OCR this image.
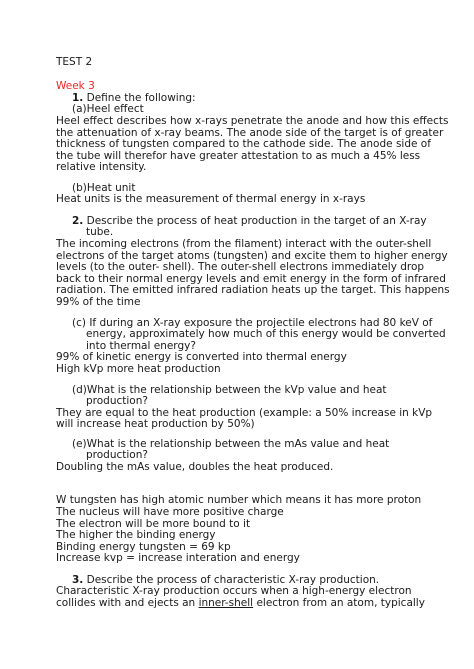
TEST 2
Week 3
1. Define the following:
(a)Heel effect
Heel effect describes how x-rays penetrate the anode and how this effects
the attenuation of x-ray beams. The anode side of the target is of greater
thickness of tungsten compared to the cathode side. The anode side of
the tube will therefor have greater attestation to as much a 45% less
relative intensity.
(b)Heat unit
Heat units is the measurement of thermal energy in x-rays
2. Describe the process of heat production in the target of an X-ray
tube.
The incoming electrons (from the filament) interact with the outer-shell
electrons of the target atoms (tungsten) and excite them to higher energy
levels (to the outer- shell). The outer-shell electrons immediately drop
back to their normal energy levels and emit energy in the form of infrared
radiation. The emitted infrared radiation heats up the target. This happens
99% of the time
(c) If during an X-ray exposure the projectile electrons had 80 keV of
energy, approximately how much of this energy would be converted
into thermal energy?
99% of kinetic energy is converted into thermal energy
High kVp more heat production
(d)What is the relationship between the kVp value and heat
production?
They are equal to the heat production (example: a 50% increase in kVp
will increase heat production by 50%)
(e)What is the relationship between the mAs value and heat
production?
Doubling the mAs value, doubles the heat produced.
W tungsten has high atomic number which means it has more proton
The nucleus will have more positive charge
The electron will be more bound to it
The higher the binding energy
Binding energy tungsten = 69 kp
Increase kvp = increase interation and energy
3. Describe the process of characteristic X-ray production.
Characteristic X-ray production occurs when a high-energy electron
collides with and ejects an inner-shell electron from an atom, typically
